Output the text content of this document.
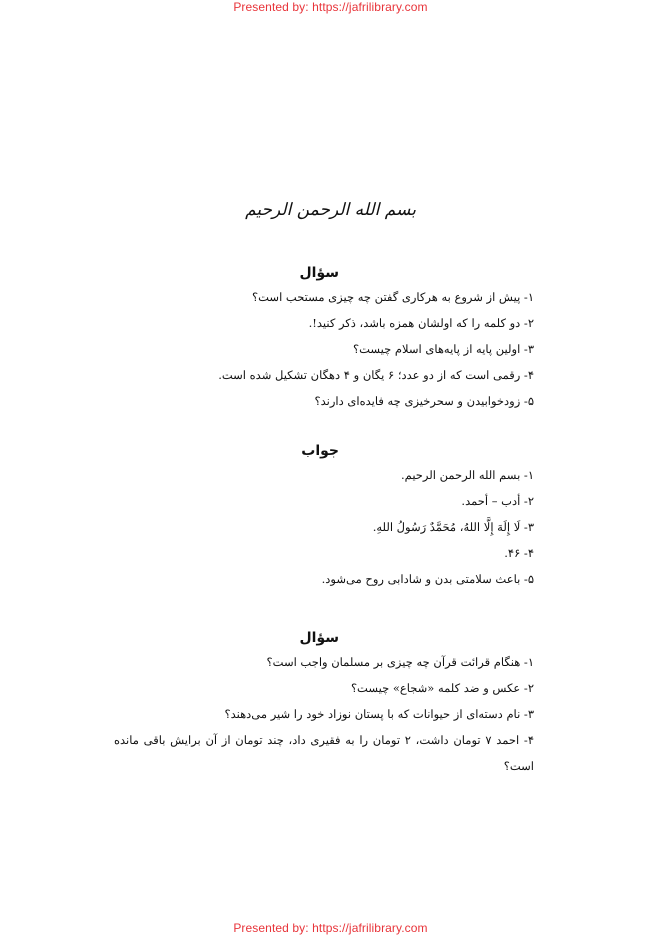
Presented by: https://jafrilibrary.com
بسم الله الرحمن الرحیم
سؤال
۱- پیش از شروع به هرکاری گفتن چه چیزی مستحب است؟
۲- دو کلمه را که اولشان همزه باشد، ذکر کنید!.
۳- اولین پایه از پایه‌های اسلام چیست؟
۴- رقمی است که از دو عدد؛ ۶ یگان و ۴ دهگان تشکیل شده است.
۵- زودخوابیدن و سحرخیزی چه فایده‌ای دارند؟
جواب
۱- بسم الله الرحمن الرحیم.
۲- أدب – أحمد.
۳- لَا إِلَهَ إِلَّا اللهُ، مُحَمَّدٌ رَسُولُ اللهِ.
۴- ۴۶.
۵- باعث سلامتی بدن و شادابی روح می‌شود.
سؤال
۱- هنگام قرائت قرآن چه چیزی بر مسلمان واجب است؟
۲- عکس و ضد کلمه «شجاع» چیست؟
۳- نام دسته‌ای از حیوانات که با پستان نوزاد خود را شیر می‌دهند؟
۴- احمد ۷ تومان داشت، ۲ تومان را به فقیری داد، چند تومان از آن برایش باقی مانده است؟
Presented by: https://jafrilibrary.com
